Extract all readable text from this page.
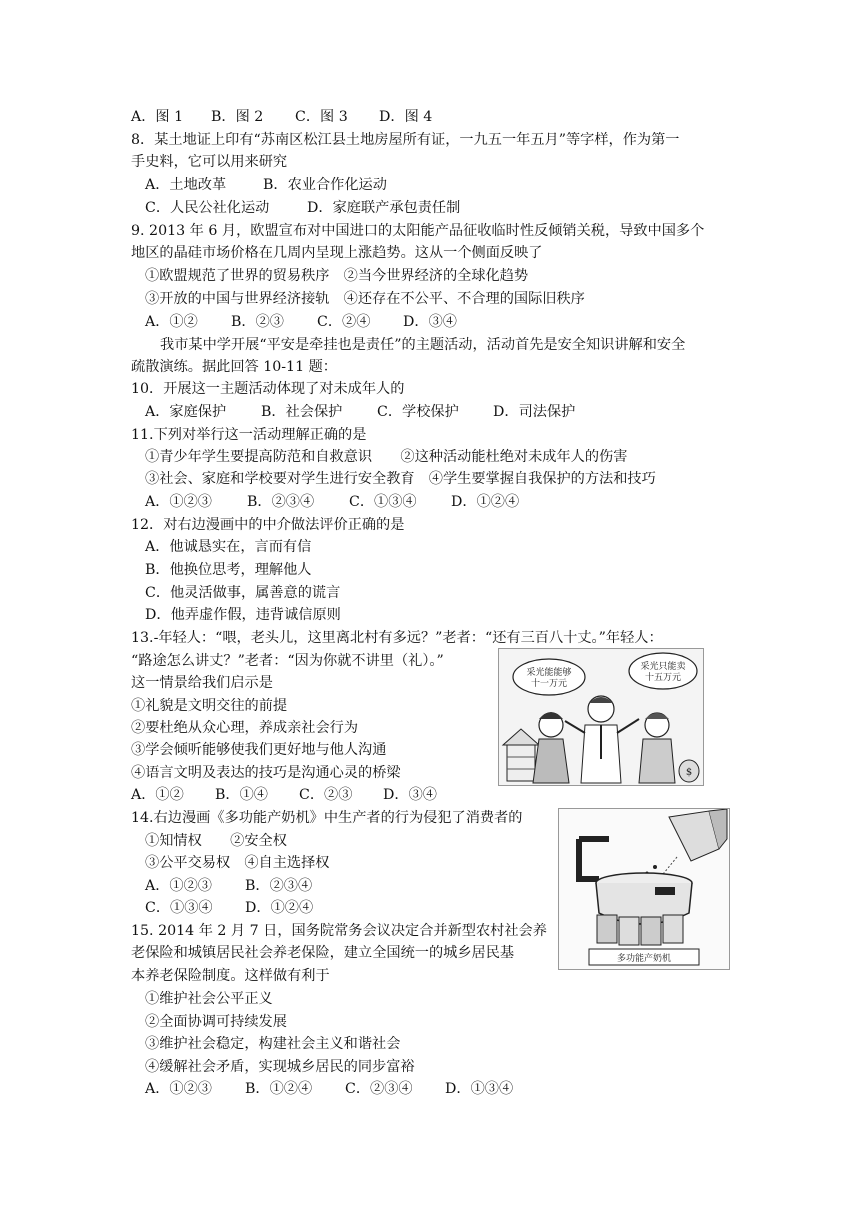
A．图 1 B．图 2 C．图 3 D．图 4
8．某土地证上印有“苏南区松江县土地房屋所有证，一九五一年五月”等字样，作为第一
手史料，它可以用来研究
A．土地改革	B．农业合作化运动
C．人民公社化运动	D．家庭联产承包责任制
9. 2013 年 6 月，欧盟宣布对中国进口的太阳能产品征收临时性反倾销关税，导致中国多个
地区的晶硅市场价格在几周内呈现上涨趋势。这从一个侧面反映了
①欧盟规范了世界的贸易秩序　②当今世界经济的全球化趋势
③开放的中国与世界经济接轨　④还存在不公平、不合理的国际旧秩序
A．①② B．②③ C．②④ D．③④
我市某中学开展“平安是牵挂也是责任”的主题活动，活动首先是安全知识讲解和安全
疏散演练。据此回答 10-11 题：
10．开展这一主题活动体现了对未成年人的
A．家庭保护 B．社会保护 C．学校保护 D．司法保护
11.下列对举行这一活动理解正确的是
①青少年学生要提高防范和自救意识　　②这种活动能杜绝对未成年人的伤害
③社会、家庭和学校要对学生进行安全教育　④学生要掌握自我保护的方法和技巧
A．①②③ B．②③④ C．①③④ D．①②④
12．对右边漫画中的中介做法评价正确的是
A．他诚恳实在，言而有信
B．他换位思考，理解他人
C．他灵活做事，属善意的谎言
D．他弄虚作假，违背诚信原则
13.-年轻人：“喂，老头儿，这里离北村有多远？”老者：“还有三百八十丈。”年轻人：
“路途怎么讲丈？”老者：“因为你就不讲里（礼）。”
这一情景给我们启示是
①礼貌是文明交往的前提
②要杜绝从众心理，养成亲社会行为
③学会倾听能够使我们更好地与他人沟通
④语言文明及表达的技巧是沟通心灵的桥梁
A．①② B．①④ C．②③ D．③④
采光能能够
十一万元
采光只能卖
十五万元
$
14.右边漫画《多功能产奶机》中生产者的行为侵犯了消费者的
①知情权　　②安全权
③公平交易权　④自主选择权
A．①②③ B．②③④
C．①③④ D．①②④
多功能产奶机
15. 2014 年 2 月 7 日，国务院常务会议决定合并新型农村社会养
老保险和城镇居民社会养老保险，建立全国统一的城乡居民基
本养老保险制度。这样做有利于
①维护社会公平正义
②全面协调可持续发展
③维护社会稳定，构建社会主义和谐社会
④缓解社会矛盾，实现城乡居民的同步富裕
A．①②③ B．①②④ C．②③④ D．①③④
